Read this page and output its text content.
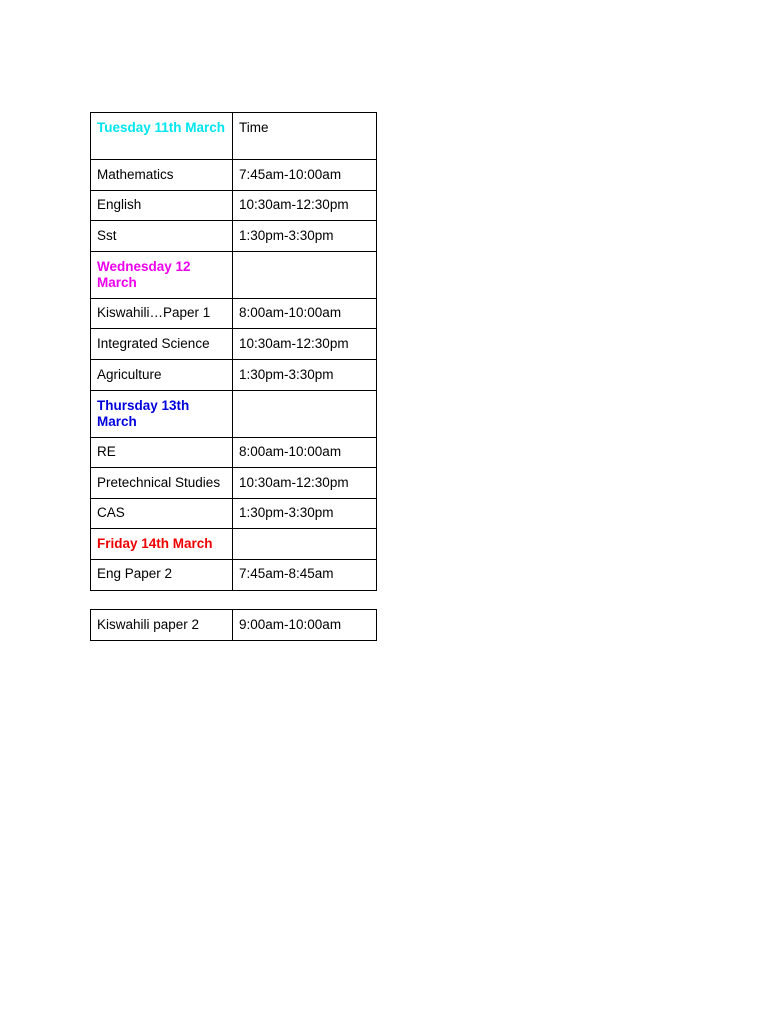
Tuesday 11th March	Time
Mathematics	7:45am-10:00am
English	10:30am-12:30pm
Sst	1:30pm-3:30pm
Wednesday 12 March	
Kiswahili…Paper 1	8:00am-10:00am
Integrated Science	10:30am-12:30pm
Agriculture	1:30pm-3:30pm
Thursday 13th March	
RE	8:00am-10:00am
Pretechnical Studies	10:30am-12:30pm
CAS	1:30pm-3:30pm
Friday 14th March	
Eng Paper 2	7:45am-8:45am
Kiswahili paper 2	9:00am-10:00am
